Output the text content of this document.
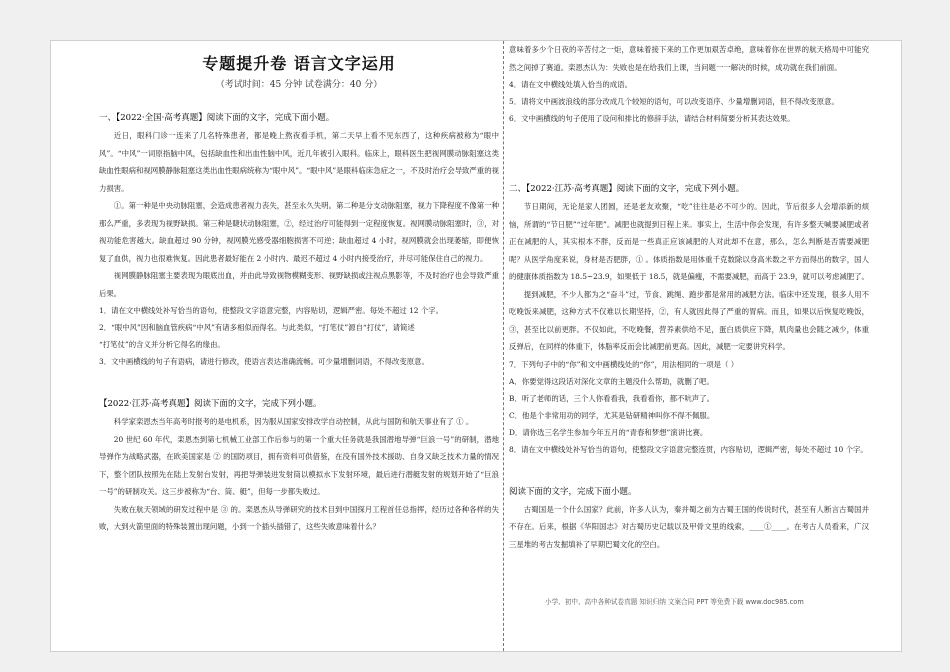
专题提升卷 语言文字运用
（考试时间：45 分钟 试卷满分：40 分）
一、【2022·全国·高考真题】阅读下面的文字，完成下面小题。

近日，眼科门诊一连来了几名特殊患者，都是晚上熬夜看手机，第二天早上看不见东西了，这种疾病被称为“眼中风”。“中风”一词原指脑中风，包括缺血性和出血性脑中风，近几年被引入眼科。临床上，眼科医生把视网膜动脉阻塞这类缺血性眼病和视网膜静脉阻塞这类出血性眼病统称为“眼中风”。“眼中风”是眼科临床急症之一，不及时治疗会导致严重的视力损害。

①。第一种是中央动脉阻塞，会造成患者视力丧失，甚至永久失明。第二种是分支动脉阻塞，视力下降程度不像第一种那么严重，多表现为视野缺损。第三种是睫状动脉阻塞，②，经过治疗可能得到一定程度恢复。视网膜动脉阻塞时，③，对视功能危害越大。缺血超过 90 分钟，视网膜光感受器细胞损害不可逆；缺血超过 4 小时，视网膜就会出现萎缩，即便恢复了血供，视力也很难恢复。因此患者最好能在 2 小时内、最迟不超过 4 小时内接受治疗，并尽可能保住自己的视力。

视网膜静脉阻塞主要表现为眼底出血，并由此导致视物模糊变形、视野缺损或注视点黑影等，不及时治疗也会导致严重后果。

1．请在文中横线处补写恰当的语句，使整段文字语意完整，内容贴切，逻辑严密。每处不超过 12 个字。

2．“眼中风”因和脑血管疾病“中风”有诸多相似而得名。与此类似，“打笔仗”源自“打仗”，请简述

“打笔仗”的含义并分析它得名的缘由。

3．文中画横线的句子有语病，请进行修改，使语言表达准确流畅。可少量增删词语，不得改变原意。

【2022·江苏·高考真题】阅读下面的文字，完成下列小题。

科学家栾恩杰当年高考时报考的是电机系，因为服从国家安排改学自动控制，从此与国防和航天事业有了 ① 。

20 世纪 60 年代，栾恩杰到第七机械工业部工作后参与的第一个重大任务就是我国潜地导弹“巨浪一号”的研制，潜地导弹作为战略武器，在欧美国家是 ② 的国防项目，拥有资料可供借鉴，在没有国外技术援助、自身又缺乏技术力量的情况下，整个团队按照先在陆上发射台发射，再把导弹装进发射筒以模拟水下发射环境，最后进行潜艇发射的规划开始了“巨浪一号”的研制攻关。这三步被称为“台、筒、艇”，但每一步都失败过。

失败在航天领域的研发过程中是 ③ 的。栾恩杰从导弹研究的技术目到中国探月工程首任总指挥，经历过各种各样的失败，大到火箭里面的特殊装置出现问题，小到一个插头插错了，这些失败意味着什么？

意味着多少个日夜的辛苦付之一炬，意味着接下来的工作更加艰苦卓绝，意味着你在世界的航天格局中可能究然之间掉了赛道。栾恩杰认为：失败也是在给我们上课，当问题一一解决的时候，成功就在我们前面。

4．请在文中横线处填入恰当的成语。

5．请将文中画波浪线的部分改成几个较短的语句，可以改变语序、少量增删词语，但不得改变原意。

6．文中画横线的句子使用了设问和排比的修辞手法，请结合材料简要分析其表达效果。

二、【2022·江苏·高考真题】阅读下面的文字，完成下列小题。

节日期间，无论是家人团圆，还是老友欢聚，“吃”往往是必不可少的。因此，节后很多人会增添新的烦恼，所谓的“节日肥”“过年肥”。减肥也就提到日程上来。事实上，生活中你会发现，有许多整天喊要减肥或者正在减肥的人，其实根本不胖，反而是一些真正应该减肥的人对此却不在意，那么，怎么判断是否需要减肥呢？从医学角度来说，身材是否肥胖，① 。体质指数是用体重千克数除以身高米数之平方而得出的数字，国人的健康体质指数为 18.5~23.9，如果低于 18.5，就是偏瘦，不需要减肥，而高于 23.9，就可以考虑减肥了。

提到减肥，不少人都为之“奋斗”过，节食、跳绳、跑步都是常用的减肥方法。临床中还发现，很多人用不吃晚饭来减肥，这种方式不仅难以长期坚持，②，有人就因此得了严重的胃病。而且，如果以后恢复吃晚饭，③，甚至比以前更胖。不仅如此，不吃晚餐，营养素供给不足，蛋白质供应下降，肌肉量也会随之减少，体重反弹后，在同样的体重下，体脂率反而会比减肥前更高。因此，减肥一定要讲究科学。

7．下列句子中的“你”和文中画横线处的“你”，用法相同的一项是（ ）

A．你要觉得这段话对深化文章的主题没什么帮助，就删了吧。

B．听了老师的话，三个人你看看我，我看看你，都不吭声了。

C．他是个非常用功的同学，尤其是钻研精神叫你不得不佩服。

D．请你选三名学生参加今年五月的“青春和梦想”演讲比赛。

8．请在文中横线处补写恰当的语句，使整段文字语意完整连贯，内容贴切，逻辑严密，每处不超过 10 个字。

阅读下面的文字，完成下面小题。

古蜀国是一个什么国家？此前，许多人认为，秦并蜀之前为古蜀王国的传说时代，甚至有人断言古蜀国并不存在。后来，根据《华阳国志》对古蜀历史记载以及甲骨文里的线索，____①____。在考古人员看来，广汉三星堆的考古发掘填补了早期巴蜀文化的空白。

小学、初中、高中各种试卷真题 知识归纳 文案合同 PPT 等免费下载 www.doc985.com
